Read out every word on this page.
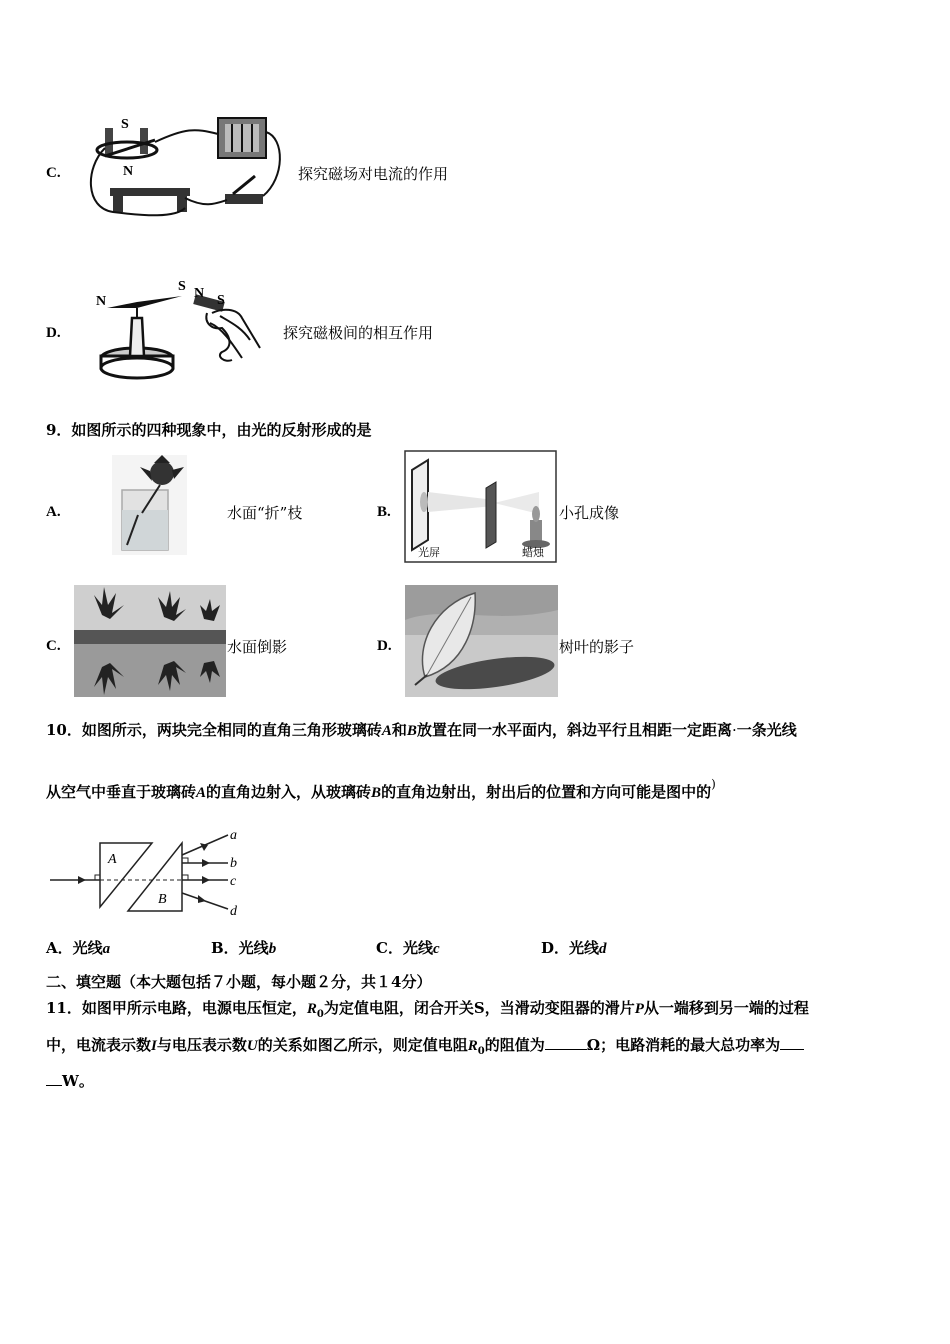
C.
S
N	探究磁场对电流的作用
D.
N
S N S
探究磁极间的相互作用
9．如图所示的四种现象中，由光的反射形成的是
A.	水面“折”枝	B.
光屏	蜡烛
小孔成像
C.	水面倒影	D.	树叶的影子
10．如图所示，两块完全相同的直角三角形玻璃砖A和B放置在同一水平面内，斜边平行且相距一定距离·一条光线
从空气中垂直于玻璃砖A的直角边射入，从玻璃砖B的直角边射出，射出后的位置和方向可能是图中的)
A
B
a
b
c
d
A．光线a	B．光线b	C．光线c	D．光线d
二、填空题（本大题包括７小题，每小题２分，共１4分）
11．如图甲所示电路，电源电压恒定，$R_0$为定值电阻，闭合开关S，当滑动变阻器的滑片P从一端移到另一端的过程
中，电流表示数I与电压表示数U的关系如图乙所示，则定值电阻$R_0$的阻值为	Ω；电路消耗的最大总功率为
W。
